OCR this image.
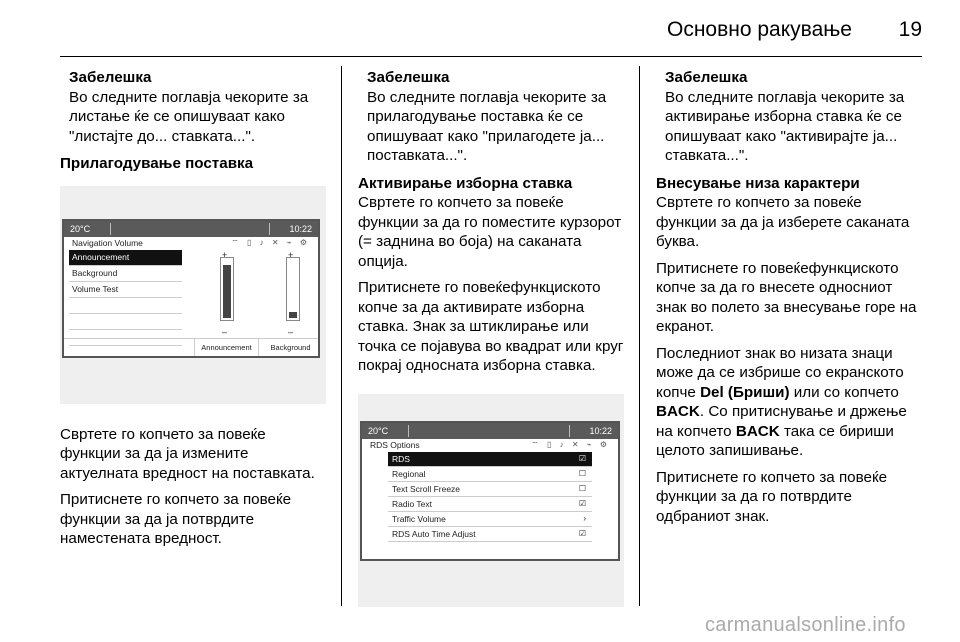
Основно ракување 19
Забелешка
Во следните поглавја чекорите за листање ќе се опишуваат како "листајте до... ставката...".
Прилагодување поставка
20°C	10:22
Navigation Volume	⌔ ▯ ♪ ✕ ⌁ ⚙
Announcement
Background
Volume Test
+
–
+
–
Announcement	Background

Свртете го копчето за повеќе функции за да ја измените актуелната вредност на поставката.

Притиснете го копчето за повеќе функции за да ја потврдите наместената вредност.

Забелешка
Во следните поглавја чекорите за прилагодување поставка ќе се опишуваат како "прилагодете ја... поставката...".
Активирање изборна ставка

Свртете го копчето за повеќе функции за да го поместите курзорот (= заднина во боја) на саканата опција.

Притиснете го повеќефункциското копче за да активирате изборна ставка. Знак за штиклирање или точка се појавува во квадрат или круг покрај односната изборна ставка.

20°C	10:22
RDS Options	⌔ ▯ ♪ ✕ ⌁ ⚙
RDS	☑
Regional	☐
Text Scroll Freeze	☐
Radio Text	☑
Traffic Volume	›
RDS Auto Time Adjust	☑
Забелешка
Во следните поглавја чекорите за активирање изборна ставка ќе се опишуваат како "активирајте ја... ставката...".
Внесување низа карактери

Свртете го копчето за повеќе функции за да ја изберете саканата буква.

Притиснете го повеќефункциското копче за да го внесете односниот знак во полето за внесување горе на екранот.

Последниот знак во низата знаци може да се избрише со екранското копче Del (Бриши) или со копчето BACK. Со притиснување и држење на копчето BACK така се бириши целото запишивање.

Притиснете го копчето за повеќе функции за да го потврдите одбраниот знак.

carmanualsonline.info
